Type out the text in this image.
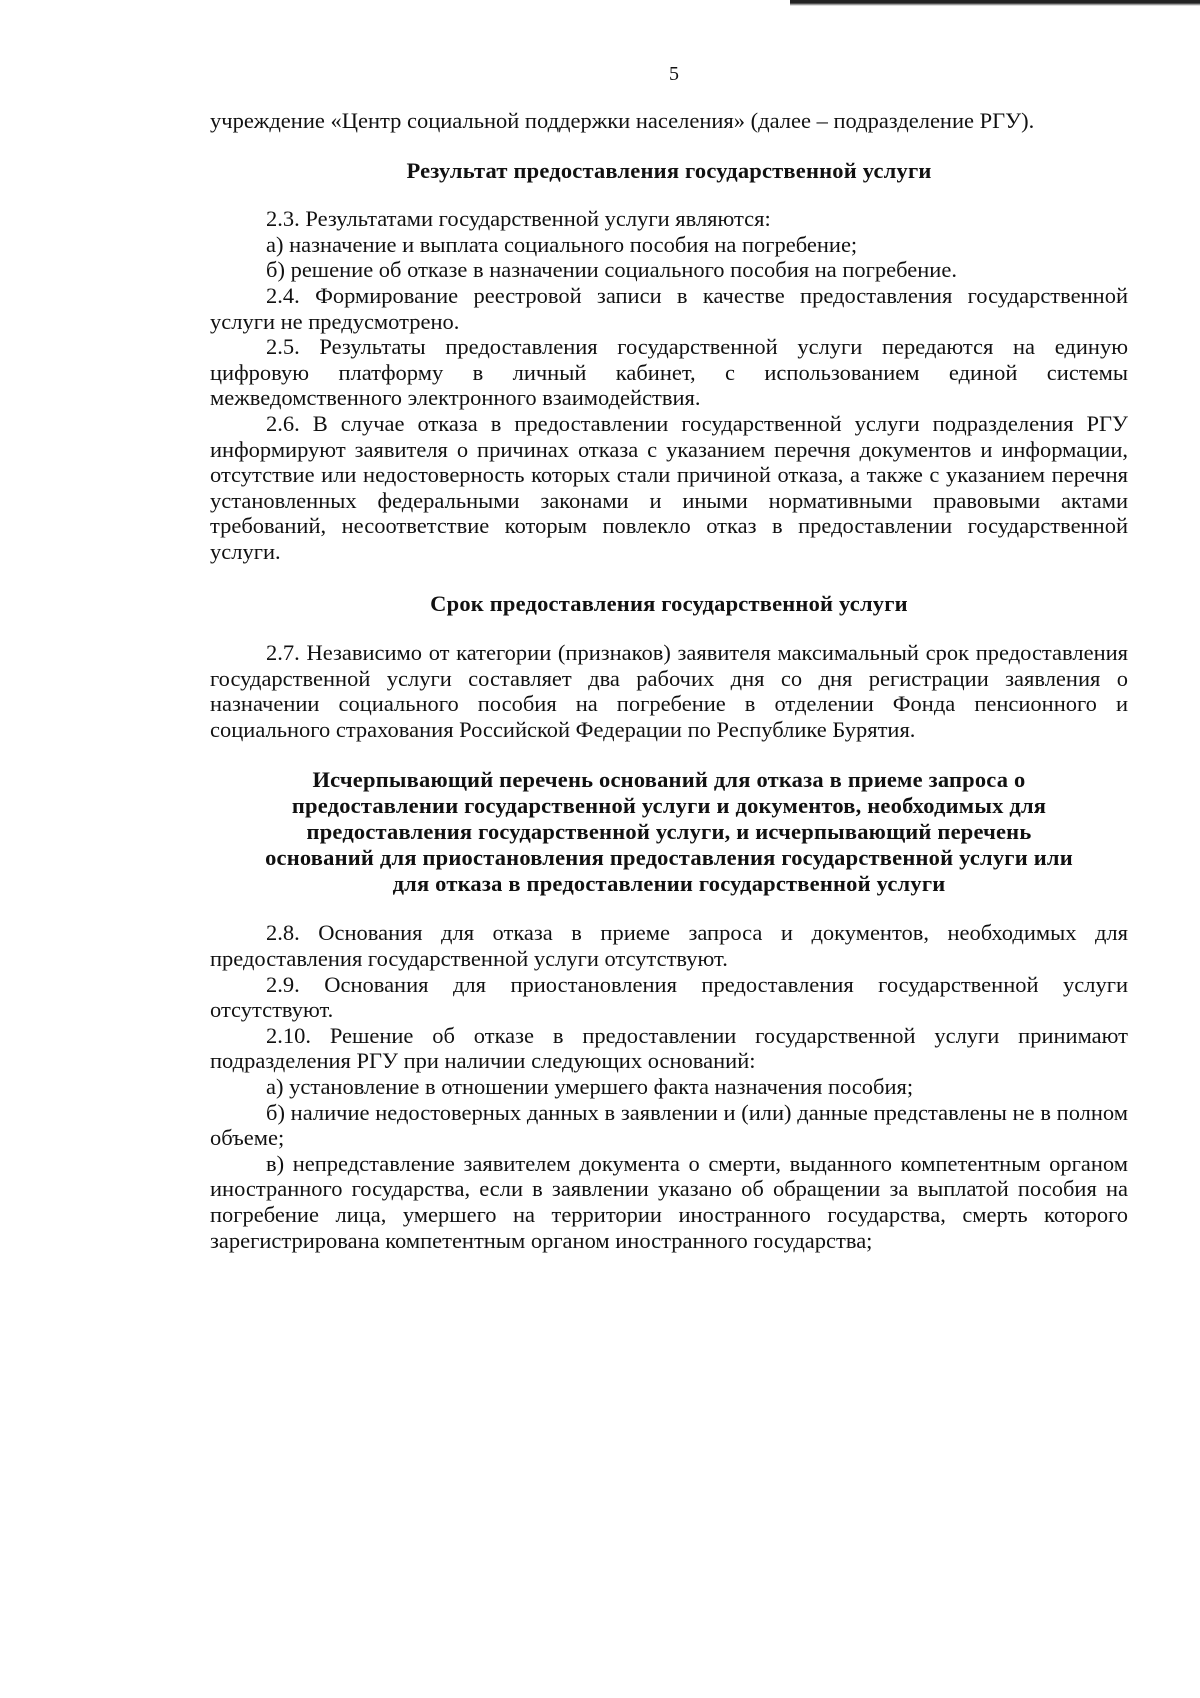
5

учреждение «Центр социальной поддержки населения» (далее – подразделение РГУ).

Результат предоставления государственной услуги

2.3. Результатами государственной услуги являются:

а) назначение и выплата социального пособия на погребение;

б) решение об отказе в назначении социального пособия на погребение.

2.4. Формирование реестровой записи в качестве предоставления государственной услуги не предусмотрено.

2.5. Результаты предоставления государственной услуги передаются на единую цифровую платформу в личный кабинет, с использованием единой системы межведомственного электронного взаимодействия.

2.6. В случае отказа в предоставлении государственной услуги подразделения РГУ информируют заявителя о причинах отказа с указанием перечня документов и информации, отсутствие или недостоверность которых стали причиной отказа, а также с указанием перечня установленных федеральными законами и иными нормативными правовыми актами требований, несоответствие которым повлекло отказ в предоставлении государственной услуги.

Срок предоставления государственной услуги

2.7. Независимо от категории (признаков) заявителя максимальный срок предоставления государственной услуги составляет два рабочих дня со дня регистрации заявления о назначении социального пособия на погребение в отделении Фонда пенсионного и социального страхования Российской Федерации по Республике Бурятия.

Исчерпывающий перечень оснований для отказа в приеме запроса о
предоставлении государственной услуги и документов, необходимых для
предоставления государственной услуги, и исчерпывающий перечень
оснований для приостановления предоставления государственной услуги или
для отказа в предоставлении государственной услуги

2.8. Основания для отказа в приеме запроса и документов, необходимых для предоставления государственной услуги отсутствуют.

2.9. Основания для приостановления предоставления государственной услуги отсутствуют.

2.10. Решение об отказе в предоставлении государственной услуги принимают подразделения РГУ при наличии следующих оснований:

а) установление в отношении умершего факта назначения пособия;

б) наличие недостоверных данных в заявлении и (или) данные представлены не в полном объеме;

в) непредставление заявителем документа о смерти, выданного компетентным органом иностранного государства, если в заявлении указано об обращении за выплатой пособия на погребение лица, умершего на территории иностранного государства, смерть которого зарегистрирована компетентным органом иностранного государства;
